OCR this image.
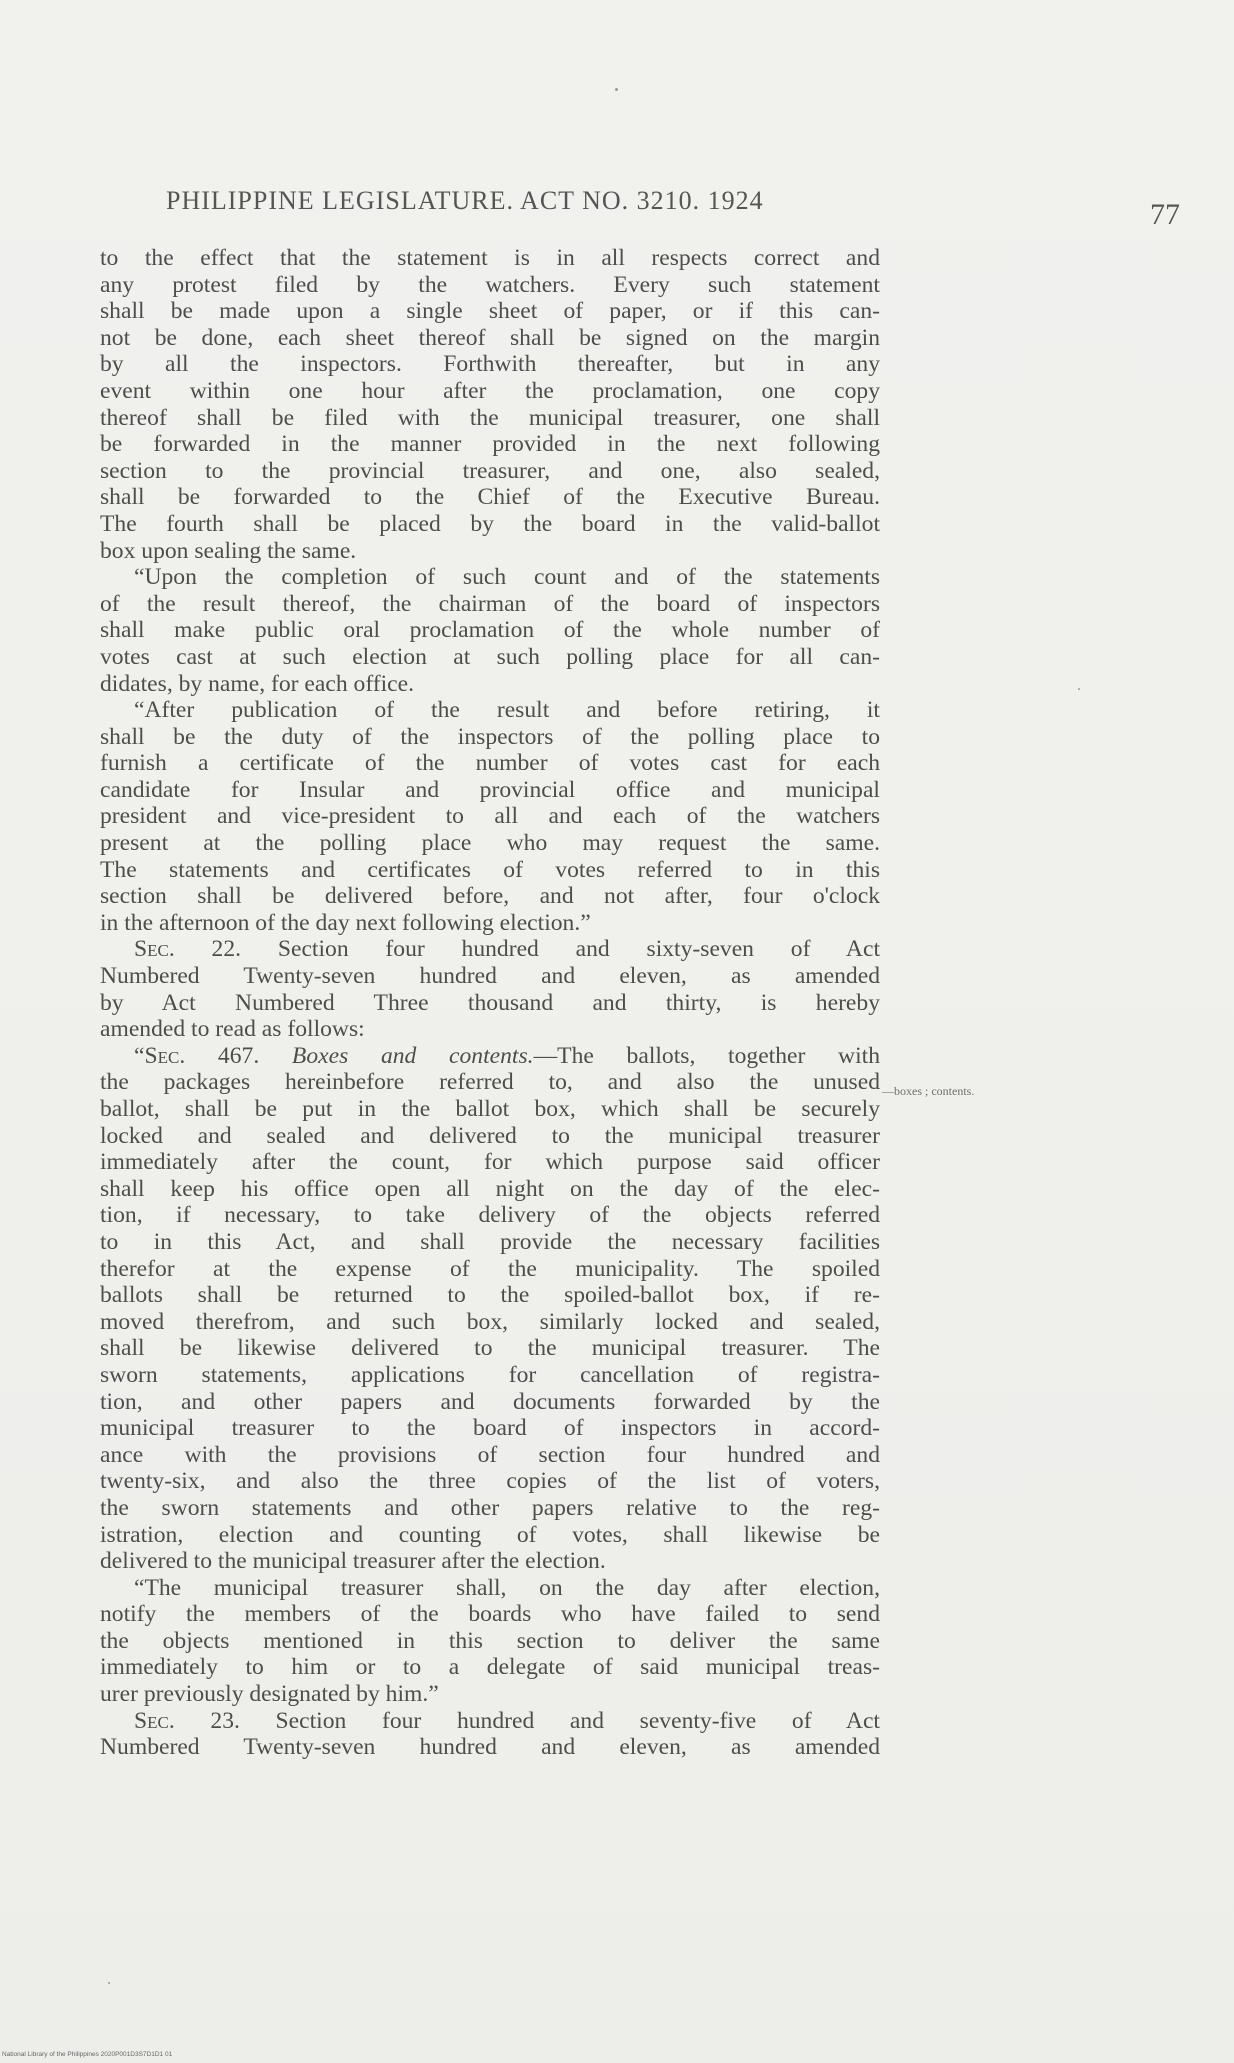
PHILIPPINE LEGISLATURE. ACT NO. 3210. 1924	77
to the effect that the statement is in all respects correct and
any protest filed by the watchers. Every such statement
shall be made upon a single sheet of paper, or if this can-
not be done, each sheet thereof shall be signed on the margin
by all the inspectors. Forthwith thereafter, but in any
event within one hour after the proclamation, one copy
thereof shall be filed with the municipal treasurer, one shall
be forwarded in the manner provided in the next following
section to the provincial treasurer, and one, also sealed,
shall be forwarded to the Chief of the Executive Bureau.
The fourth shall be placed by the board in the valid-ballot
box upon sealing the same.
“Upon the completion of such count and of the statements
of the result thereof, the chairman of the board of inspectors
shall make public oral proclamation of the whole number of
votes cast at such election at such polling place for all can-
didates, by name, for each office.
“After publication of the result and before retiring, it
shall be the duty of the inspectors of the polling place to
furnish a certificate of the number of votes cast for each
candidate for Insular and provincial office and municipal
president and vice-president to all and each of the watchers
present at the polling place who may request the same.
The statements and certificates of votes referred to in this
section shall be delivered before, and not after, four o'clock
in the afternoon of the day next following election.”
Sec. 22. Section four hundred and sixty-seven of Act
Numbered Twenty-seven hundred and eleven, as amended
by Act Numbered Three thousand and thirty, is hereby
amended to read as follows:
“Sec. 467. Boxes and contents.—The ballots, together with
the packages hereinbefore referred to, and also the unused
ballot, shall be put in the ballot box, which shall be securely
locked and sealed and delivered to the municipal treasurer
immediately after the count, for which purpose said officer
shall keep his office open all night on the day of the elec-
tion, if necessary, to take delivery of the objects referred
to in this Act, and shall provide the necessary facilities
therefor at the expense of the municipality. The spoiled
ballots shall be returned to the spoiled-ballot box, if re-
moved therefrom, and such box, similarly locked and sealed,
shall be likewise delivered to the municipal treasurer. The
sworn statements, applications for cancellation of registra-
tion, and other papers and documents forwarded by the
municipal treasurer to the board of inspectors in accord-
ance with the provisions of section four hundred and
twenty-six, and also the three copies of the list of voters,
the sworn statements and other papers relative to the reg-
istration, election and counting of votes, shall likewise be
delivered to the municipal treasurer after the election.
“The municipal treasurer shall, on the day after election,
notify the members of the boards who have failed to send
the objects mentioned in this section to deliver the same
immediately to him or to a delegate of said municipal treas-
urer previously designated by him.”
Sec. 23. Section four hundred and seventy-five of Act
Numbered Twenty-seven hundred and eleven, as amended
—boxes ; contents.
National Library of the Philippines 2020P001D3S7D1D1 01
